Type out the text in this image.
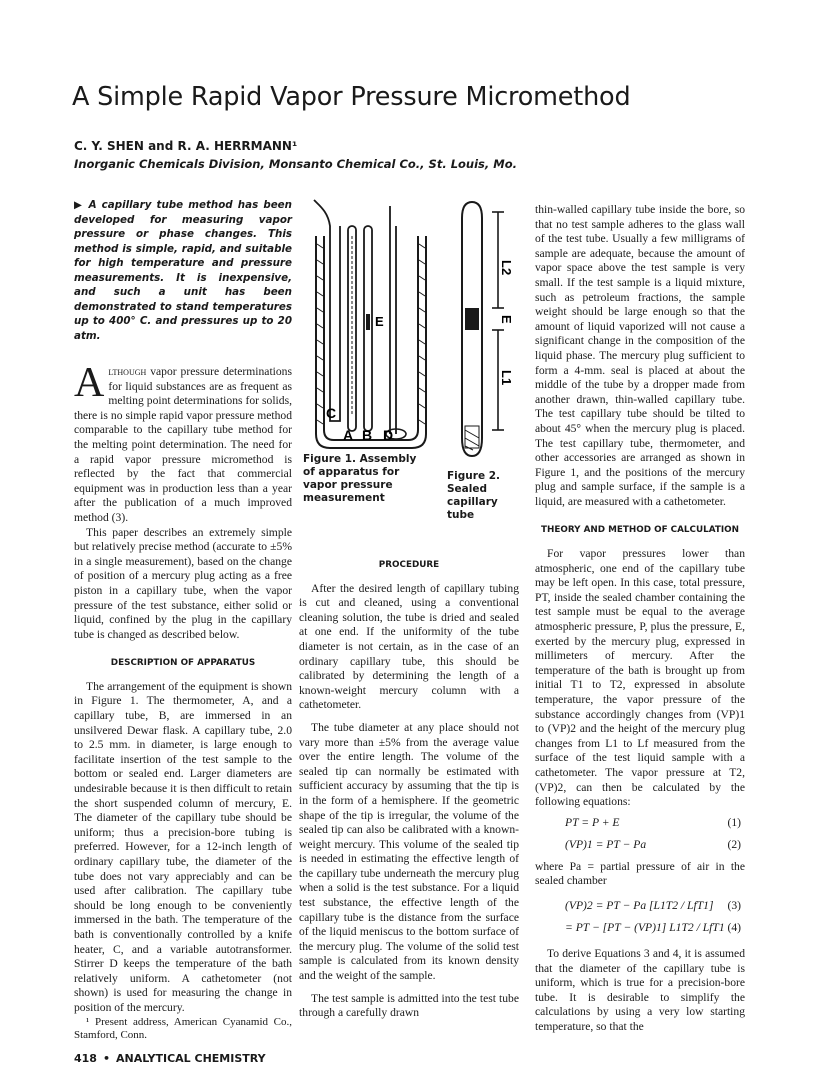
A Simple Rapid Vapor Pressure Micromethod
C. Y. SHEN and R. A. HERRMANN¹
Inorganic Chemicals Division, Monsanto Chemical Co., St. Louis, Mo.

▶ A capillary tube method has been developed for measuring vapor pressure or phase changes. This method is simple, rapid, and suitable for high temperature and pressure measurements. It is inexpensive, and such a unit has been demonstrated to stand temperatures up to 400° C. and pressures up to 20 atm.

Although vapor pressure determinations for liquid substances are as frequent as melting point determinations for solids, there is no simple rapid vapor pressure method comparable to the capillary tube method for the melting point determination. The need for a rapid vapor pressure micromethod is reflected by the fact that commercial equipment was in production less than a year after the publication of a much improved method (3).

This paper describes an extremely simple but relatively precise method (accurate to ±5% in a single measurement), based on the change of position of a mercury plug acting as a free piston in a capillary tube, when the vapor pressure of the test substance, either solid or liquid, confined by the plug in the capillary tube is changed as described below.

DESCRIPTION OF APPARATUS

The arrangement of the equipment is shown in Figure 1. The thermometer, A, and a capillary tube, B, are immersed in an unsilvered Dewar flask. A capillary tube, 2.0 to 2.5 mm. in diameter, is large enough to facilitate insertion of the test sample to the bottom or sealed end. Larger diameters are undesirable because it is then difficult to retain the short suspended column of mercury, E. The diameter of the capillary tube should be uniform; thus a precision-bore tubing is preferred. However, for a 12-inch length of ordinary capillary tube, the diameter of the tube does not vary appreciably and can be used after calibration. The capillary tube should be long enough to be conveniently immersed in the bath. The temperature of the bath is conventionally controlled by a knife heater, C, and a variable autotransformer. Stirrer D keeps the temperature of the bath relatively uniform. A cathetometer (not shown) is used for measuring the change in position of the mercury.

¹ Present address, American Cyanamid Co., Stamford, Conn.

C
A B D
E
L2
E
L1
Figure 1. Assembly of apparatus for vapor pressure measurement
Figure 2. Sealed capillary tube
PROCEDURE

After the desired length of capillary tubing is cut and cleaned, using a conventional cleaning solution, the tube is dried and sealed at one end. If the uniformity of the tube diameter is not certain, as in the case of an ordinary capillary tube, this should be calibrated by determining the length of a known-weight mercury column with a cathetometer.

The tube diameter at any place should not vary more than ±5% from the average value over the entire length. The volume of the sealed tip can normally be estimated with sufficient accuracy by assuming that the tip is in the form of a hemisphere. If the geometric shape of the tip is irregular, the volume of the sealed tip can also be calibrated with a known-weight mercury. This volume of the sealed tip is needed in estimating the effective length of the capillary tube underneath the mercury plug when a solid is the test substance. For a liquid test substance, the effective length of the capillary tube is the distance from the surface of the liquid meniscus to the bottom surface of the mercury plug. The volume of the solid test sample is calculated from its known density and the weight of the sample.

The test sample is admitted into the test tube through a carefully drawn

thin-walled capillary tube inside the bore, so that no test sample adheres to the glass wall of the test tube. Usually a few milligrams of sample are adequate, because the amount of vapor space above the test sample is very small. If the test sample is a liquid mixture, such as petroleum fractions, the sample weight should be large enough so that the amount of liquid vaporized will not cause a significant change in the composition of the liquid phase. The mercury plug sufficient to form a 4-mm. seal is placed at about the middle of the tube by a dropper made from another drawn, thin-walled capillary tube. The test capillary tube should be tilted to about 45° when the mercury plug is placed. The test capillary tube, thermometer, and other accessories are arranged as shown in Figure 1, and the positions of the mercury plug and sample surface, if the sample is a liquid, are measured with a cathetometer.

THEORY AND METHOD OF CALCULATION

For vapor pressures lower than atmospheric, one end of the capillary tube may be left open. In this case, total pressure, PT, inside the sealed chamber containing the test sample must be equal to the average atmospheric pressure, P, plus the pressure, E, exerted by the mercury plug, expressed in millimeters of mercury. After the temperature of the bath is brought up from initial T1 to T2, expressed in absolute temperature, the vapor pressure of the substance accordingly changes from (VP)1 to (VP)2 and the height of the mercury plug changes from L1 to Lf measured from the surface of the test liquid sample with a cathetometer. The vapor pressure at T2, (VP)2, can then be calculated by the following equations:

PT = P + E	(1)
(VP)1 = PT − Pa	(2)

where Pa = partial pressure of air in the sealed chamber

(VP)2 = PT − Pa [L1T2 / LfT1] (3)
= PT − [PT − (VP)1] L1T2 / LfT1 (4)

To derive Equations 3 and 4, it is assumed that the diameter of the capillary tube is uniform, which is true for a precision-bore tube. It is desirable to simplify the calculations by using a very low starting temperature, so that the

418 • ANALYTICAL CHEMISTRY
